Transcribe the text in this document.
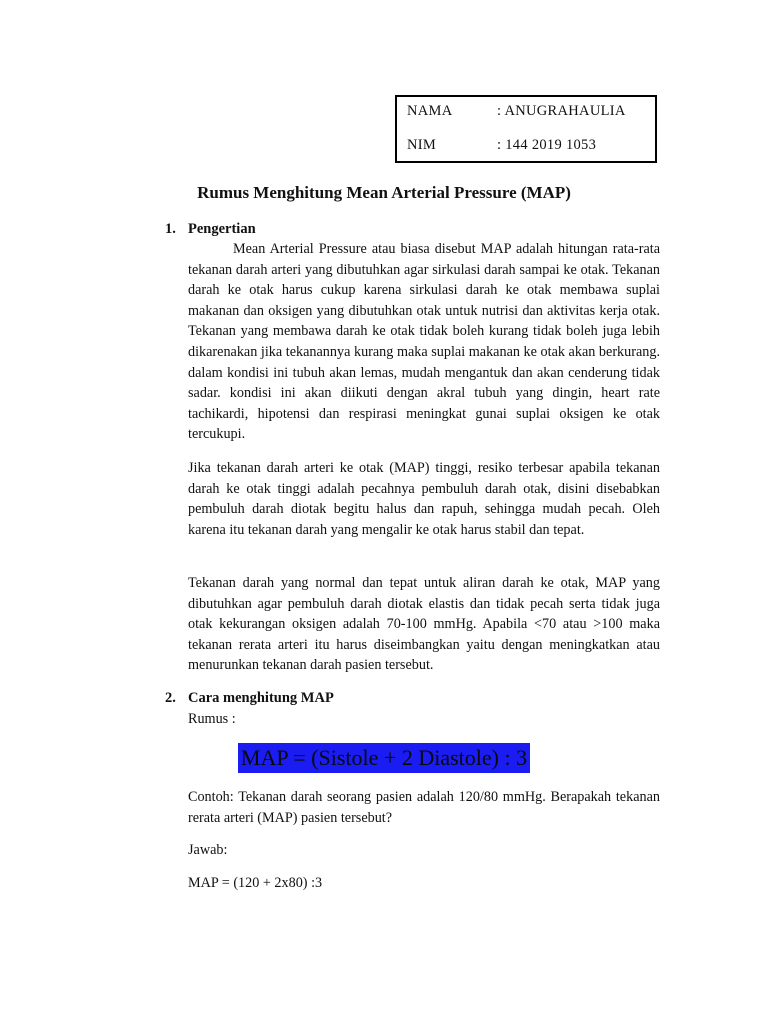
NAMA	: ANUGRAHAULIA
NIM	: 144 2019 1053
Rumus Menghitung Mean Arterial Pressure (MAP)
1. Pengertian

Mean Arterial Pressure atau biasa disebut MAP adalah hitungan rata-rata tekanan darah arteri yang dibutuhkan agar sirkulasi darah sampai ke otak. Tekanan darah ke otak harus cukup karena sirkulasi darah ke otak membawa suplai makanan dan oksigen yang dibutuhkan otak untuk nutrisi dan aktivitas kerja otak. Tekanan yang membawa darah ke otak tidak boleh kurang tidak boleh juga lebih dikarenakan jika tekanannya kurang maka suplai makanan ke otak akan berkurang. dalam kondisi ini tubuh akan lemas, mudah mengantuk dan akan cenderung tidak sadar. kondisi ini akan diikuti dengan akral tubuh yang dingin, heart rate tachikardi, hipotensi dan respirasi meningkat gunai suplai oksigen ke otak tercukupi.

Jika tekanan darah arteri ke otak (MAP) tinggi, resiko terbesar apabila tekanan darah ke otak tinggi adalah pecahnya pembuluh darah otak, disini disebabkan pembuluh darah diotak begitu halus dan rapuh, sehingga mudah pecah. Oleh karena itu tekanan darah yang mengalir ke otak harus stabil dan tepat.

Tekanan darah yang normal dan tepat untuk aliran darah ke otak, MAP yang dibutuhkan agar pembuluh darah diotak elastis dan tidak pecah serta tidak juga otak kekurangan oksigen adalah 70-100 mmHg. Apabila <70 atau >100 maka tekanan rerata arteri itu harus diseimbangkan yaitu dengan meningkatkan atau menurunkan tekanan darah pasien tersebut.

2. Cara menghitung MAP
Rumus :
MAP = (Sistole + 2 Diastole) : 3

Contoh: Tekanan darah seorang pasien adalah 120/80 mmHg. Berapakah tekanan rerata arteri (MAP) pasien tersebut?

Jawab:
MAP = (120 + 2x80) :3
